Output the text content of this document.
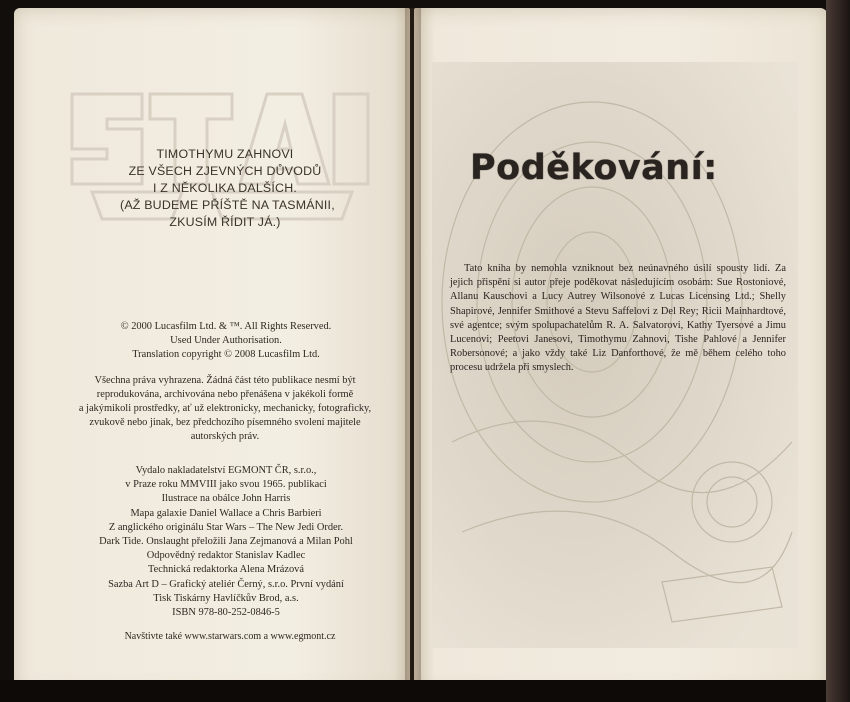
TIMOTHYMU ZAHNOVI
ZE VŠECH ZJEVNÝCH DŮVODŮ
I Z NĚKOLIKA DALŠÍCH.
(AŽ BUDEME PŘÍŠTĚ NA TASMÁNII,
ZKUSÍM ŘÍDIT JÁ.)
© 2000 Lucasfilm Ltd. & ™. All Rights Reserved.
Used Under Authorisation.
Translation copyright © 2008 Lucasfilm Ltd.
Všechna práva vyhrazena. Žádná část této publikace nesmí být
reprodukována, archivována nebo přenášena v jakékoli formě
a jakýmikoli prostředky, ať už elektronicky, mechanicky, fotograficky,
zvukově nebo jinak, bez předchozího písemného svolení majitele
autorských práv.
Vydalo nakladatelství EGMONT ČR, s.r.o.,
v Praze roku MMVIII jako svou 1965. publikaci
Ilustrace na obálce John Harris
Mapa galaxie Daniel Wallace a Chris Barbieri
Z anglického originálu Star Wars – The New Jedi Order.
Dark Tide. Onslaught přeložili Jana Zejmanová a Milan Pohl
Odpovědný redaktor Stanislav Kadlec
Technická redaktorka Alena Mrázová
Sazba Art D – Grafický ateliér Černý, s.r.o. První vydání
Tisk Tiskárny Havlíčkův Brod, a.s.
ISBN 978-80-252-0846-5
Navštivte také www.starwars.com a www.egmont.cz
Poděkování:
Tato kniha by nemohla vzniknout bez neúnavného úsilí spousty lidí. Za jejich přispění si autor přeje poděkovat následujícím osobám: Sue Rostoniové, Allanu Kauschovi a Lucy Autrey Wilsonové z Lucas Licensing Ltd.; Shelly Shapirové, Jennifer Smithové a Stevu Saffelovi z Del Rey; Ricii Mainhardtové, své agentce; svým spolupachatelům R. A. Salvatorovi, Kathy Tyersové a Jimu Lucenovi; Peetovi Janesovi, Timothymu Zahnovi, Tishe Pahlové a Jennifer Robersonové; a jako vždy také Liz Danforthové, že mě během celého toho procesu udržela při smyslech.
